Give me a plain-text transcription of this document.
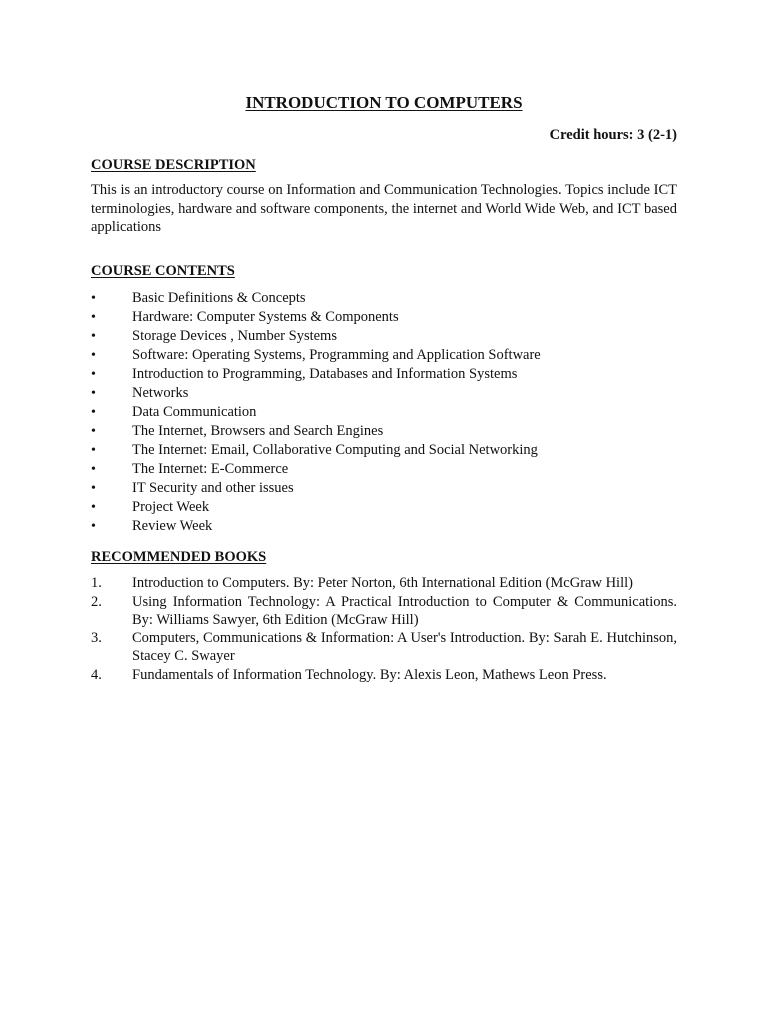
INTRODUCTION TO COMPUTERS

Credit hours: 3 (2-1)

COURSE DESCRIPTION

This is an introductory course on Information and Communication Technologies. Topics include ICT terminologies, hardware and software components, the internet and World Wide Web, and ICT based applications

COURSE CONTENTS
• Basic Definitions & Concepts
• Hardware: Computer Systems & Components
• Storage Devices , Number Systems
• Software: Operating Systems, Programming and Application Software
• Introduction to Programming, Databases and Information Systems
• Networks
• Data Communication
• The Internet, Browsers and Search Engines
• The Internet: Email, Collaborative Computing and Social Networking
• The Internet: E-Commerce
• IT Security and other issues
• Project Week
• Review Week
RECOMMENDED BOOKS
1. Introduction to Computers. By: Peter Norton, 6th International Edition (McGraw Hill)
2. Using Information Technology: A Practical Introduction to Computer & Communications. By: Williams Sawyer, 6th Edition (McGraw Hill)
3. Computers, Communications & Information: A User's Introduction. By: Sarah E. Hutchinson, Stacey C. Swayer
4. Fundamentals of Information Technology. By: Alexis Leon, Mathews Leon Press.
